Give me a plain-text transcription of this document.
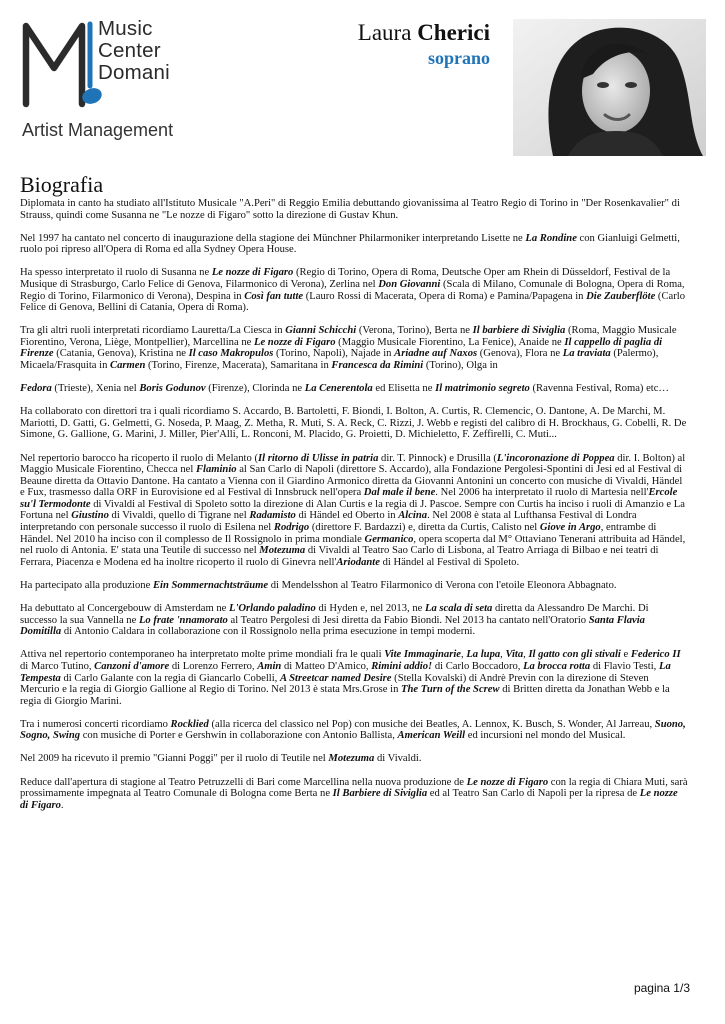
Music
Center
Domani
Artist Management
Laura Cherici
soprano
Biografia

Diplomata in canto ha studiato all'Istituto Musicale "A.Peri" di Reggio Emilia debuttando giovanissima al Teatro Regio di Torino in "Der Rosenkavalier" di Strauss, quindi come Susanna ne "Le nozze di Figaro" sotto la direzione di Gustav Khun.

Nel 1997 ha cantato nel concerto di inaugurazione della stagione dei Münchner Philarmoniker interpretando Lisette ne La Rondine con Gianluigi Gelmetti, ruolo poi ripreso all'Opera di Roma ed alla Sydney Opera House.

Ha spesso interpretato il ruolo di Susanna ne Le nozze di Figaro (Regio di Torino, Opera di Roma, Deutsche Oper am Rhein di Düsseldorf, Festival de la Musique di Strasburgo, Carlo Felice di Genova, Filarmonico di Verona), Zerlina nel Don Giovanni (Scala di Milano, Comunale di Bologna, Opera di Roma, Regio di Torino, Filarmonico di Verona), Despina in Così fan tutte (Lauro Rossi di Macerata, Opera di Roma) e Pamina/Papagena in Die Zauberflöte (Carlo Felice di Genova, Bellini di Catania, Opera di Roma).

Tra gli altri ruoli interpretati ricordiamo Lauretta/La Ciesca in Gianni Schicchi (Verona, Torino), Berta ne Il barbiere di Siviglia (Roma, Maggio Musicale Fiorentino, Verona, Liège, Montpellier), Marcellina ne Le nozze di Figaro (Maggio Musicale Fiorentino, La Fenice), Anaide ne Il cappello di paglia di Firenze (Catania, Genova), Kristina ne Il caso Makropulos (Torino, Napoli), Najade in Ariadne auf Naxos (Genova), Flora ne La traviata (Palermo), Micaela/Frasquita in Carmen (Torino, Firenze, Macerata), Samaritana in Francesca da Rimini (Torino), Olga in

Fedora (Trieste), Xenia nel Boris Godunov (Firenze), Clorinda ne La Cenerentola ed Elisetta ne Il matrimonio segreto (Ravenna Festival, Roma) etc…

Ha collaborato con direttori tra i quali ricordiamo S. Accardo, B. Bartoletti, F. Biondi, I. Bolton, A. Curtis, R. Clemencic, O. Dantone, A. De Marchi, M. Mariotti, D. Gatti, G. Gelmetti, G. Noseda, P. Maag, Z. Metha, R. Muti, S. A. Reck, C. Rizzi, J. Webb e registi del calibro di H. Brockhaus, G. Cobelli, R. De Simone, G. Gallione, G. Marini, J. Miller, Pier'Alli, L. Ronconi, M. Placido, G. Proietti, D. Michieletto, F. Zeffirelli, C. Muti...

Nel repertorio barocco ha ricoperto il ruolo di Melanto (Il ritorno di Ulisse in patria dir. T. Pinnock) e Drusilla (L'incoronazione di Poppea dir. I. Bolton) al Maggio Musicale Fiorentino, Checca nel Flaminio al San Carlo di Napoli (direttore S. Accardo), alla Fondazione Pergolesi-Spontini di Jesi ed al Festival di Beaune diretta da Ottavio Dantone. Ha cantato a Vienna con il Giardino Armonico diretta da Giovanni Antonini un concerto con musiche di Vivaldi, Händel e Fux, trasmesso dalla ORF in Eurovisione ed al Festival di Innsbruck nell'opera Dal male il bene. Nel 2006 ha interpretato il ruolo di Martesia nell'Ercole su'l Termodonte di Vivaldi al Festival di Spoleto sotto la direzione di Alan Curtis e la regia di J. Pascoe. Sempre con Curtis ha inciso i ruoli di Amanzio e La Fortuna nel Giustino di Vivaldi, quello di Tigrane nel Radamisto di Händel ed Oberto in Alcina. Nel 2008 è stata al Lufthansa Festival di Londra interpretando con personale successo il ruolo di Esilena nel Rodrigo (direttore F. Bardazzi) e, diretta da Curtis, Calisto nel Giove in Argo, entrambe di Händel. Nel 2010 ha inciso con il complesso de Il Rossignolo in prima mondiale Germanico, opera scoperta dal M° Ottaviano Tenerani attribuita ad Händel, nel ruolo di Antonia. E' stata una Teutile di successo nel Motezuma di Vivaldi al Teatro Sao Carlo di Lisbona, al Teatro Arriaga di Bilbao e nei teatri di Ferrara, Piacenza e Modena ed ha inoltre ricoperto il ruolo di Ginevra nell'Ariodante di Händel al Festival di Spoleto.

Ha partecipato alla produzione Ein Sommernachtsträume di Mendelsshon al Teatro Filarmonico di Verona con l'etoile Eleonora Abbagnato.

Ha debuttato al Concergebouw di Amsterdam ne L'Orlando paladino di Hyden e, nel 2013, ne La scala di seta diretta da Alessandro De Marchi. Di successo la sua Vannella ne Lo frate 'nnamorato al Teatro Pergolesi di Jesi diretta da Fabio Biondi. Nel 2013 ha cantato nell'Oratorio Santa Flavia Domitilla di Antonio Caldara in collaborazione con il Rossignolo nella prima esecuzione in tempi moderni.

Attiva nel repertorio contemporaneo ha interpretato molte prime mondiali fra le quali Vite Immaginarie, La lupa, Vita, Il gatto con gli stivali e Federico II di Marco Tutino, Canzoni d'amore di Lorenzo Ferrero, Amin di Matteo D'Amico, Rimini addio! di Carlo Boccadoro, La brocca rotta di Flavio Testi, La Tempesta di Carlo Galante con la regia di Giancarlo Cobelli, A Streetcar named Desire (Stella Kovalski) di Andrè Previn con la direzione di Steven Mercurio e la regia di Giorgio Gallione al Regio di Torino. Nel 2013 è stata Mrs.Grose in The Turn of the Screw di Britten diretta da Jonathan Webb e la regia di Giorgio Marini.

Tra i numerosi concerti ricordiamo Rocklied (alla ricerca del classico nel Pop) con musiche dei Beatles, A. Lennox, K. Busch, S. Wonder, Al Jarreau, Suono, Sogno, Swing con musiche di Porter e Gershwin in collaborazione con Antonio Ballista, American Weill ed incursioni nel mondo del Musical.

Nel 2009 ha ricevuto il premio "Gianni Poggi" per il ruolo di Teutile nel Motezuma di Vivaldi.

Reduce dall'apertura di stagione al Teatro Petruzzelli di Bari come Marcellina nella nuova produzione de Le nozze di Figaro con la regia di Chiara Muti, sarà prossimamente impegnata al Teatro Comunale di Bologna come Berta ne Il Barbiere di Siviglia ed al Teatro San Carlo di Napoli per la ripresa de Le nozze di Figaro.

pagina 1/3
